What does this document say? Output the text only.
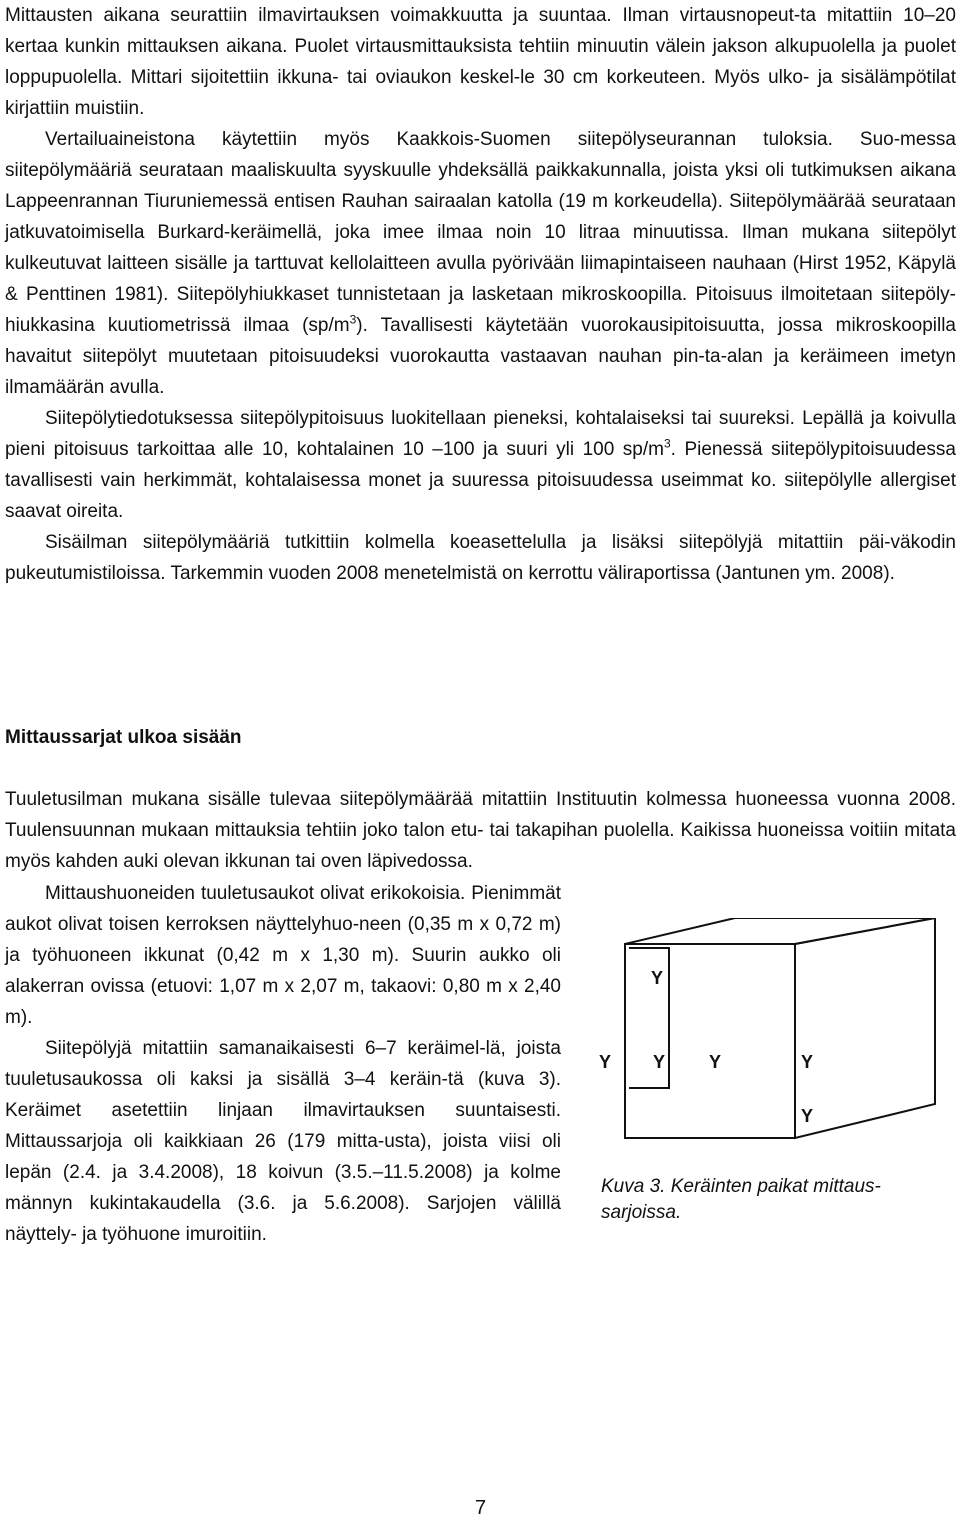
Mittausten aikana seurattiin ilmavirtauksen voimakkuutta ja suuntaa. Ilman virtausnopeut-ta mitattiin 10–20 kertaa kunkin mittauksen aikana. Puolet virtausmittauksista tehtiin minuutin välein jakson alkupuolella ja puolet loppupuolella. Mittari sijoitettiin ikkuna- tai oviaukon keskel-le 30 cm korkeuteen. Myös ulko- ja sisälämpötilat kirjattiin muistiin.

Vertailuaineistona käytettiin myös Kaakkois-Suomen siitepölyseurannan tuloksia. Suo-messa siitepölymääriä seurataan maaliskuulta syyskuulle yhdeksällä paikkakunnalla, joista yksi oli tutkimuksen aikana Lappeenrannan Tiuruniemessä entisen Rauhan sairaalan katolla (19 m korkeudella). Siitepölymäärää seurataan jatkuvatoimisella Burkard-keräimellä, joka imee ilmaa noin 10 litraa minuutissa. Ilman mukana siitepölyt kulkeutuvat laitteen sisälle ja tarttuvat kellolaitteen avulla pyörivään liimapintaiseen nauhaan (Hirst 1952, Käpylä & Penttinen 1981). Siitepölyhiukkaset tunnistetaan ja lasketaan mikroskoopilla. Pitoisuus ilmoitetaan siitepöly-hiukkasina kuutiometrissä ilmaa $(sp/m^3)$. Tavallisesti käytetään vuorokausipitoisuutta, jossa mikroskoopilla havaitut siitepölyt muutetaan pitoisuudeksi vuorokautta vastaavan nauhan pin-ta-alan ja keräimeen imetyn ilmamäärän avulla.

Siitepölytiedotuksessa siitepölypitoisuus luokitellaan pieneksi, kohtalaiseksi tai suureksi. Lepällä ja koivulla pieni pitoisuus tarkoittaa alle 10, kohtalainen 10 –100 ja suuri yli 100 $sp/m^3$. Pienessä siitepölypitoisuudessa tavallisesti vain herkimmät, kohtalaisessa monet ja suuressa pitoisuudessa useimmat ko. siitepölylle allergiset saavat oireita.

Sisäilman siitepölymääriä tutkittiin kolmella koeasettelulla ja lisäksi siitepölyjä mitattiin päi-väkodin pukeutumistiloissa. Tarkemmin vuoden 2008 menetelmistä on kerrottu väliraportissa (Jantunen ym. 2008).

Mittaussarjat ulkoa sisään

Tuuletusilman mukana sisälle tulevaa siitepölymäärää mitattiin Instituutin kolmessa huoneessa vuonna 2008. Tuulensuunnan mukaan mittauksia tehtiin joko talon etu- tai takapihan puolella. Kaikissa huoneissa voitiin mitata myös kahden auki olevan ikkunan tai oven läpivedossa.

Mittaushuoneiden tuuletusaukot olivat erikokoisia. Pienimmät aukot olivat toisen kerroksen näyttelyhuo-neen (0,35 m x 0,72 m) ja työhuoneen ikkunat (0,42 m x 1,30 m). Suurin aukko oli alakerran ovissa (etuovi: 1,07 m x 2,07 m, takaovi: 0,80 m x 2,40 m).

Siitepölyjä mitattiin samanaikaisesti 6–7 keräimel-lä, joista tuuletusaukossa oli kaksi ja sisällä 3–4 keräin-tä (kuva 3). Keräimet asetettiin linjaan ilmavirtauksen suuntaisesti. Mittaussarjoja oli kaikkiaan 26 (179 mitta-usta), joista viisi oli lepän (2.4. ja 3.4.2008), 18 koivun (3.5.–11.5.2008) ja kolme männyn kukintakaudella (3.6. ja 5.6.2008). Sarjojen välillä näyttely- ja työhuone imuroitiin.

Y
Y Y Y	Y
Y

Kuva 3. Keräinten paikat mittaus-sarjoissa.

7
